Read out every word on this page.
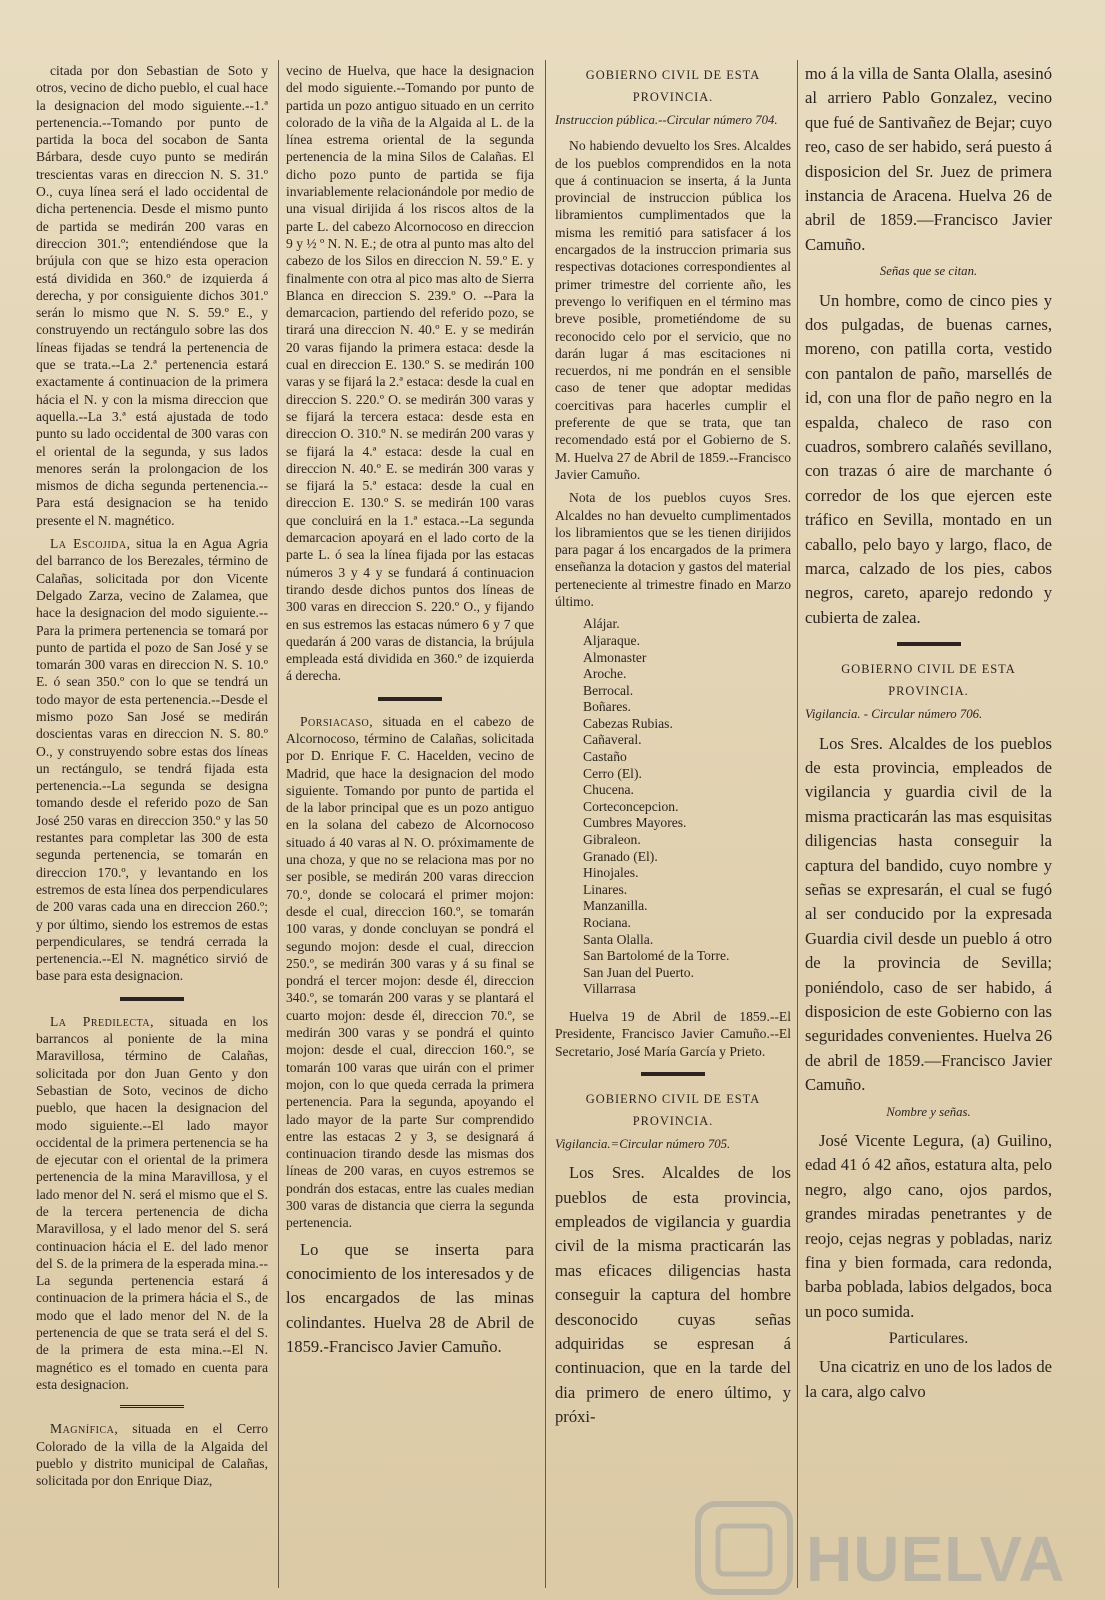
citada por don Sebastian de Soto y otros, vecino de dicho pueblo, el cual hace la designacion del modo siguiente.--1.ª pertenencia.--Tomando por punto de partida la boca del socabon de Santa Bárbara, desde cuyo punto se medirán trescientas varas en direccion N. S. 31.º O., cuya línea será el lado occidental de dicha pertenencia. Desde el mismo punto de partida se medirán 200 varas en direccion 301.º; entendiéndose que la brújula con que se hizo esta operacion está dividida en 360.º de izquierda á derecha, y por consiguiente dichos 301.º serán lo mismo que N. S. 59.º E., y construyendo un rectángulo sobre las dos líneas fijadas se tendrá la pertenencia de que se trata.--La 2.ª pertenencia estará exactamente á continuacion de la primera hácia el N. y con la misma direccion que aquella.--La 3.ª está ajustada de todo punto su lado occidental de 300 varas con el oriental de la segunda, y sus lados menores serán la prolongacion de los mismos de dicha segunda pertenencia.--Para está designacion se ha tenido presente el N. magnético.

La Escojida, situa la en Agua Agria del barranco de los Berezales, término de Calañas, solicitada por don Vicente Delgado Zarza, vecino de Zalamea, que hace la designacion del modo siguiente.--Para la primera pertenencia se tomará por punto de partida el pozo de San José y se tomarán 300 varas en direccion N. S. 10.º E. ó sean 350.º con lo que se tendrá un todo mayor de esta pertenencia.--Desde el mismo pozo San José se medirán doscientas varas en direccion N. S. 80.º O., y construyendo sobre estas dos líneas un rectángulo, se tendrá fijada esta pertenencia.--La segunda se designa tomando desde el referido pozo de San José 250 varas en direccion 350.º y las 50 restantes para completar las 300 de esta segunda pertenencia, se tomarán en direccion 170.º, y levantando en los estremos de esta línea dos perpendiculares de 200 varas cada una en direccion 260.º; y por último, siendo los estremos de estas perpendiculares, se tendrá cerrada la pertenencia.--El N. magnético sirvió de base para esta designacion.

La Predilecta, situada en los barrancos al poniente de la mina Maravillosa, término de Calañas, solicitada por don Juan Gento y don Sebastian de Soto, vecinos de dicho pueblo, que hacen la designacion del modo siguiente.--El lado mayor occidental de la primera pertenencia se ha de ejecutar con el oriental de la primera pertenencia de la mina Maravillosa, y el lado menor del N. será el mismo que el S. de la tercera pertenencia de dicha Maravillosa, y el lado menor del S. será continuacion hácia el E. del lado menor del S. de la primera de la esperada mina.--La segunda pertenencia estará á continuacion de la primera hácia el S., de modo que el lado menor del N. de la pertenencia de que se trata será el del S. de la primera de esta mina.--El N. magnético es el tomado en cuenta para esta designacion.

Magnífica, situada en el Cerro Colorado de la villa de la Algaida del pueblo y distrito municipal de Calañas, solicitada por don Enrique Diaz,

vecino de Huelva, que hace la designacion del modo siguiente.--Tomando por punto de partida un pozo antiguo situado en un cerrito colorado de la viña de la Algaida al L. de la línea estrema oriental de la segunda pertenencia de la mina Silos de Calañas. El dicho pozo punto de partida se fija invariablemente relacionándole por medio de una visual dirijida á los riscos altos de la parte L. del cabezo Alcornocoso en direccion 9 y ½ º N. N. E.; de otra al punto mas alto del cabezo de los Silos en direccion N. 59.º E. y finalmente con otra al pico mas alto de Sierra Blanca en direccion S. 239.º O. --Para la demarcacion, partiendo del referido pozo, se tirará una direccion N. 40.º E. y se medirán 20 varas fijando la primera estaca: desde la cual en direccion E. 130.º S. se medirán 100 varas y se fijará la 2.ª estaca: desde la cual en direccion S. 220.º O. se medirán 300 varas y se fijará la tercera estaca: desde esta en direccion O. 310.º N. se medirán 200 varas y se fijará la 4.ª estaca: desde la cual en direccion N. 40.º E. se medirán 300 varas y se fijará la 5.ª estaca: desde la cual en direccion E. 130.º S. se medirán 100 varas que concluirá en la 1.ª estaca.--La segunda demarcacion apoyará en el lado corto de la parte L. ó sea la línea fijada por las estacas números 3 y 4 y se fundará á continuacion tirando desde dichos puntos dos líneas de 300 varas en direccion S. 220.º O., y fijando en sus estremos las estacas número 6 y 7 que quedarán á 200 varas de distancia, la brújula empleada está dividida en 360.º de izquierda á derecha.

Porsiacaso, situada en el cabezo de Alcornocoso, término de Calañas, solicitada por D. Enrique F. C. Hacelden, vecino de Madrid, que hace la designacion del modo siguiente. Tomando por punto de partida el de la labor principal que es un pozo antiguo en la solana del cabezo de Alcornocoso situado á 40 varas al N. O. próximamente de una choza, y que no se relaciona mas por no ser posible, se medirán 200 varas direccion 70.º, donde se colocará el primer mojon: desde el cual, direccion 160.º, se tomarán 100 varas, y donde concluyan se pondrá el segundo mojon: desde el cual, direccion 250.º, se medirán 300 varas y á su final se pondrá el tercer mojon: desde él, direccion 340.º, se tomarán 200 varas y se plantará el cuarto mojon: desde él, direccion 70.º, se medirán 300 varas y se pondrá el quinto mojon: desde el cual, direccion 160.º, se tomarán 100 varas que uirán con el primer mojon, con lo que queda cerrada la primera pertenencia. Para la segunda, apoyando el lado mayor de la parte Sur comprendido entre las estacas 2 y 3, se designará á continuacion tirando desde las mismas dos líneas de 200 varas, en cuyos estremos se pondrán dos estacas, entre las cuales median 300 varas de distancia que cierra la segunda pertenencia.

Lo que se inserta para conocimiento de los interesados y de los encargados de las minas colindantes. Huelva 28 de Abril de 1859.-Francisco Javier Camuño.

GOBIERNO CIVIL DE ESTA PROVINCIA.
Instruccion pública.--Circular número 704.

No habiendo devuelto los Sres. Alcaldes de los pueblos comprendidos en la nota que á continuacion se inserta, á la Junta provincial de instruccion pública los libramientos cumplimentados que la misma les remitió para satisfacer á los encargados de la instruccion primaria sus respectivas dotaciones correspondientes al primer trimestre del corriente año, les prevengo lo verifiquen en el término mas breve posible, prometiéndome de su reconocido celo por el servicio, que no darán lugar á mas escitaciones ni recuerdos, ni me pondrán en el sensible caso de tener que adoptar medidas coercitivas para hacerles cumplir el preferente de que se trata, que tan recomendado está por el Gobierno de S. M. Huelva 27 de Abril de 1859.--Francisco Javier Camuño.

Nota de los pueblos cuyos Sres. Alcaldes no han devuelto cumplimentados los libramientos que se les tienen dirijidos para pagar á los encargados de la primera enseñanza la dotacion y gastos del material perteneciente al trimestre finado en Marzo último.

Alájar.
Aljaraque.
Almonaster
Aroche.
Berrocal.
Boñares.
Cabezas Rubias.
Cañaveral.
Castaño
Cerro (El).
Chucena.
Corteconcepcion.
Cumbres Mayores.
Gibraleon.
Granado (El).
Hinojales.
Linares.
Manzanilla.
Rociana.
Santa Olalla.
San Bartolomé de la Torre.
San Juan del Puerto.
Villarrasa

Huelva 19 de Abril de 1859.--El Presidente, Francisco Javier Camuño.--El Secretario, José María García y Prieto.

GOBIERNO CIVIL DE ESTA PROVINCIA.
Vigilancia.=Circular número 705.

Los Sres. Alcaldes de los pueblos de esta provincia, empleados de vigilancia y guardia civil de la misma practicarán las mas eficaces diligencias hasta conseguir la captura del hombre desconocido cuyas señas adquiridas se espresan á continuacion, que en la tarde del dia primero de enero último, y próxi-

mo á la villa de Santa Olalla, asesinó al arriero Pablo Gonzalez, vecino que fué de Santivañez de Bejar; cuyo reo, caso de ser habido, será puesto á disposicion del Sr. Juez de primera instancia de Aracena. Huelva 26 de abril de 1859.—Francisco Javier Camuño.

Señas que se citan.

Un hombre, como de cinco pies y dos pulgadas, de buenas carnes, moreno, con patilla corta, vestido con pantalon de paño, marsellés de id, con una flor de paño negro en la espalda, chaleco de raso con cuadros, sombrero calañés sevillano, con trazas ó aire de marchante ó corredor de los que ejercen este tráfico en Sevilla, montado en un caballo, pelo bayo y largo, flaco, de marca, calzado de los pies, cabos negros, careto, aparejo redondo y cubierta de zalea.

GOBIERNO CIVIL DE ESTA PROVINCIA.
Vigilancia. - Circular número 706.

Los Sres. Alcaldes de los pueblos de esta provincia, empleados de vigilancia y guardia civil de la misma practicarán las mas esquisitas diligencias hasta conseguir la captura del bandido, cuyo nombre y señas se expresarán, el cual se fugó al ser conducido por la expresada Guardia civil desde un pueblo á otro de la provincia de Sevilla; poniéndolo, caso de ser habido, á disposicion de este Gobierno con las seguridades convenientes. Huelva 26 de abril de 1859.—Francisco Javier Camuño.

Nombre y señas.

José Vicente Legura, (a) Guilino, edad 41 ó 42 años, estatura alta, pelo negro, algo cano, ojos pardos, grandes miradas penetrantes y de reojo, cejas negras y pobladas, nariz fina y bien formada, cara redonda, barba poblada, labios delgados, boca un poco sumida.

Particulares.

Una cicatriz en uno de los lados de la cara, algo calvo

HUELVA
